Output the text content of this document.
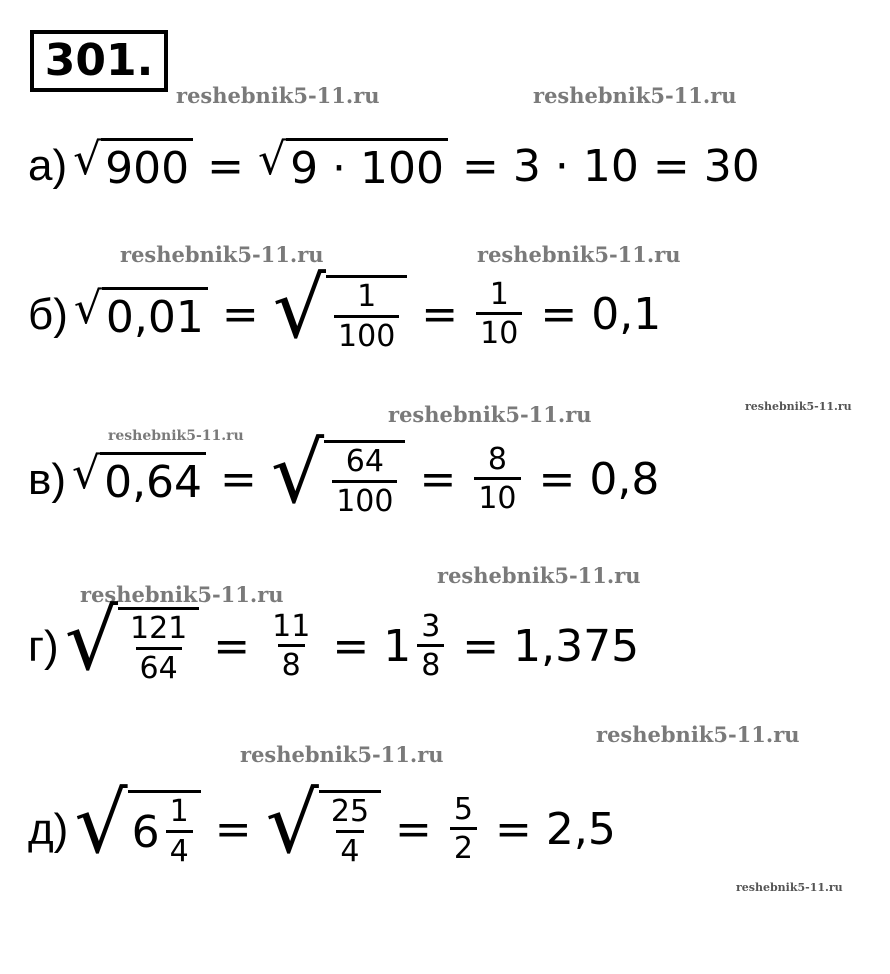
301.
reshebnik5-11.ru	reshebnik5-11.ru
reshebnik5-11.ru	reshebnik5-11.ru
reshebnik5-11.ru	reshebnik5-11.ru
reshebnik5-11.ru
reshebnik5-11.ru
reshebnik5-11.ru
reshebnik5-11.ru
reshebnik5-11.ru
reshebnik5-11.ru
а) √ 900 = √ 9 · 100 = 3 · 10 = 30
б) √ 0,01 = √ $\frac{1}{100} = \frac{1}{10} = 0,1$
в) √ 0,64 = √ $\frac{64}{100} = \frac{8}{10} = 0,8$
г) √ $\frac{121}{64} = \frac{11}{8} = 1 \frac{3}{8} = 1,375$
д) √ $6 \frac{1}{4}$ = √ $\frac{25}{4} = \frac{5}{2} = 2,5$
